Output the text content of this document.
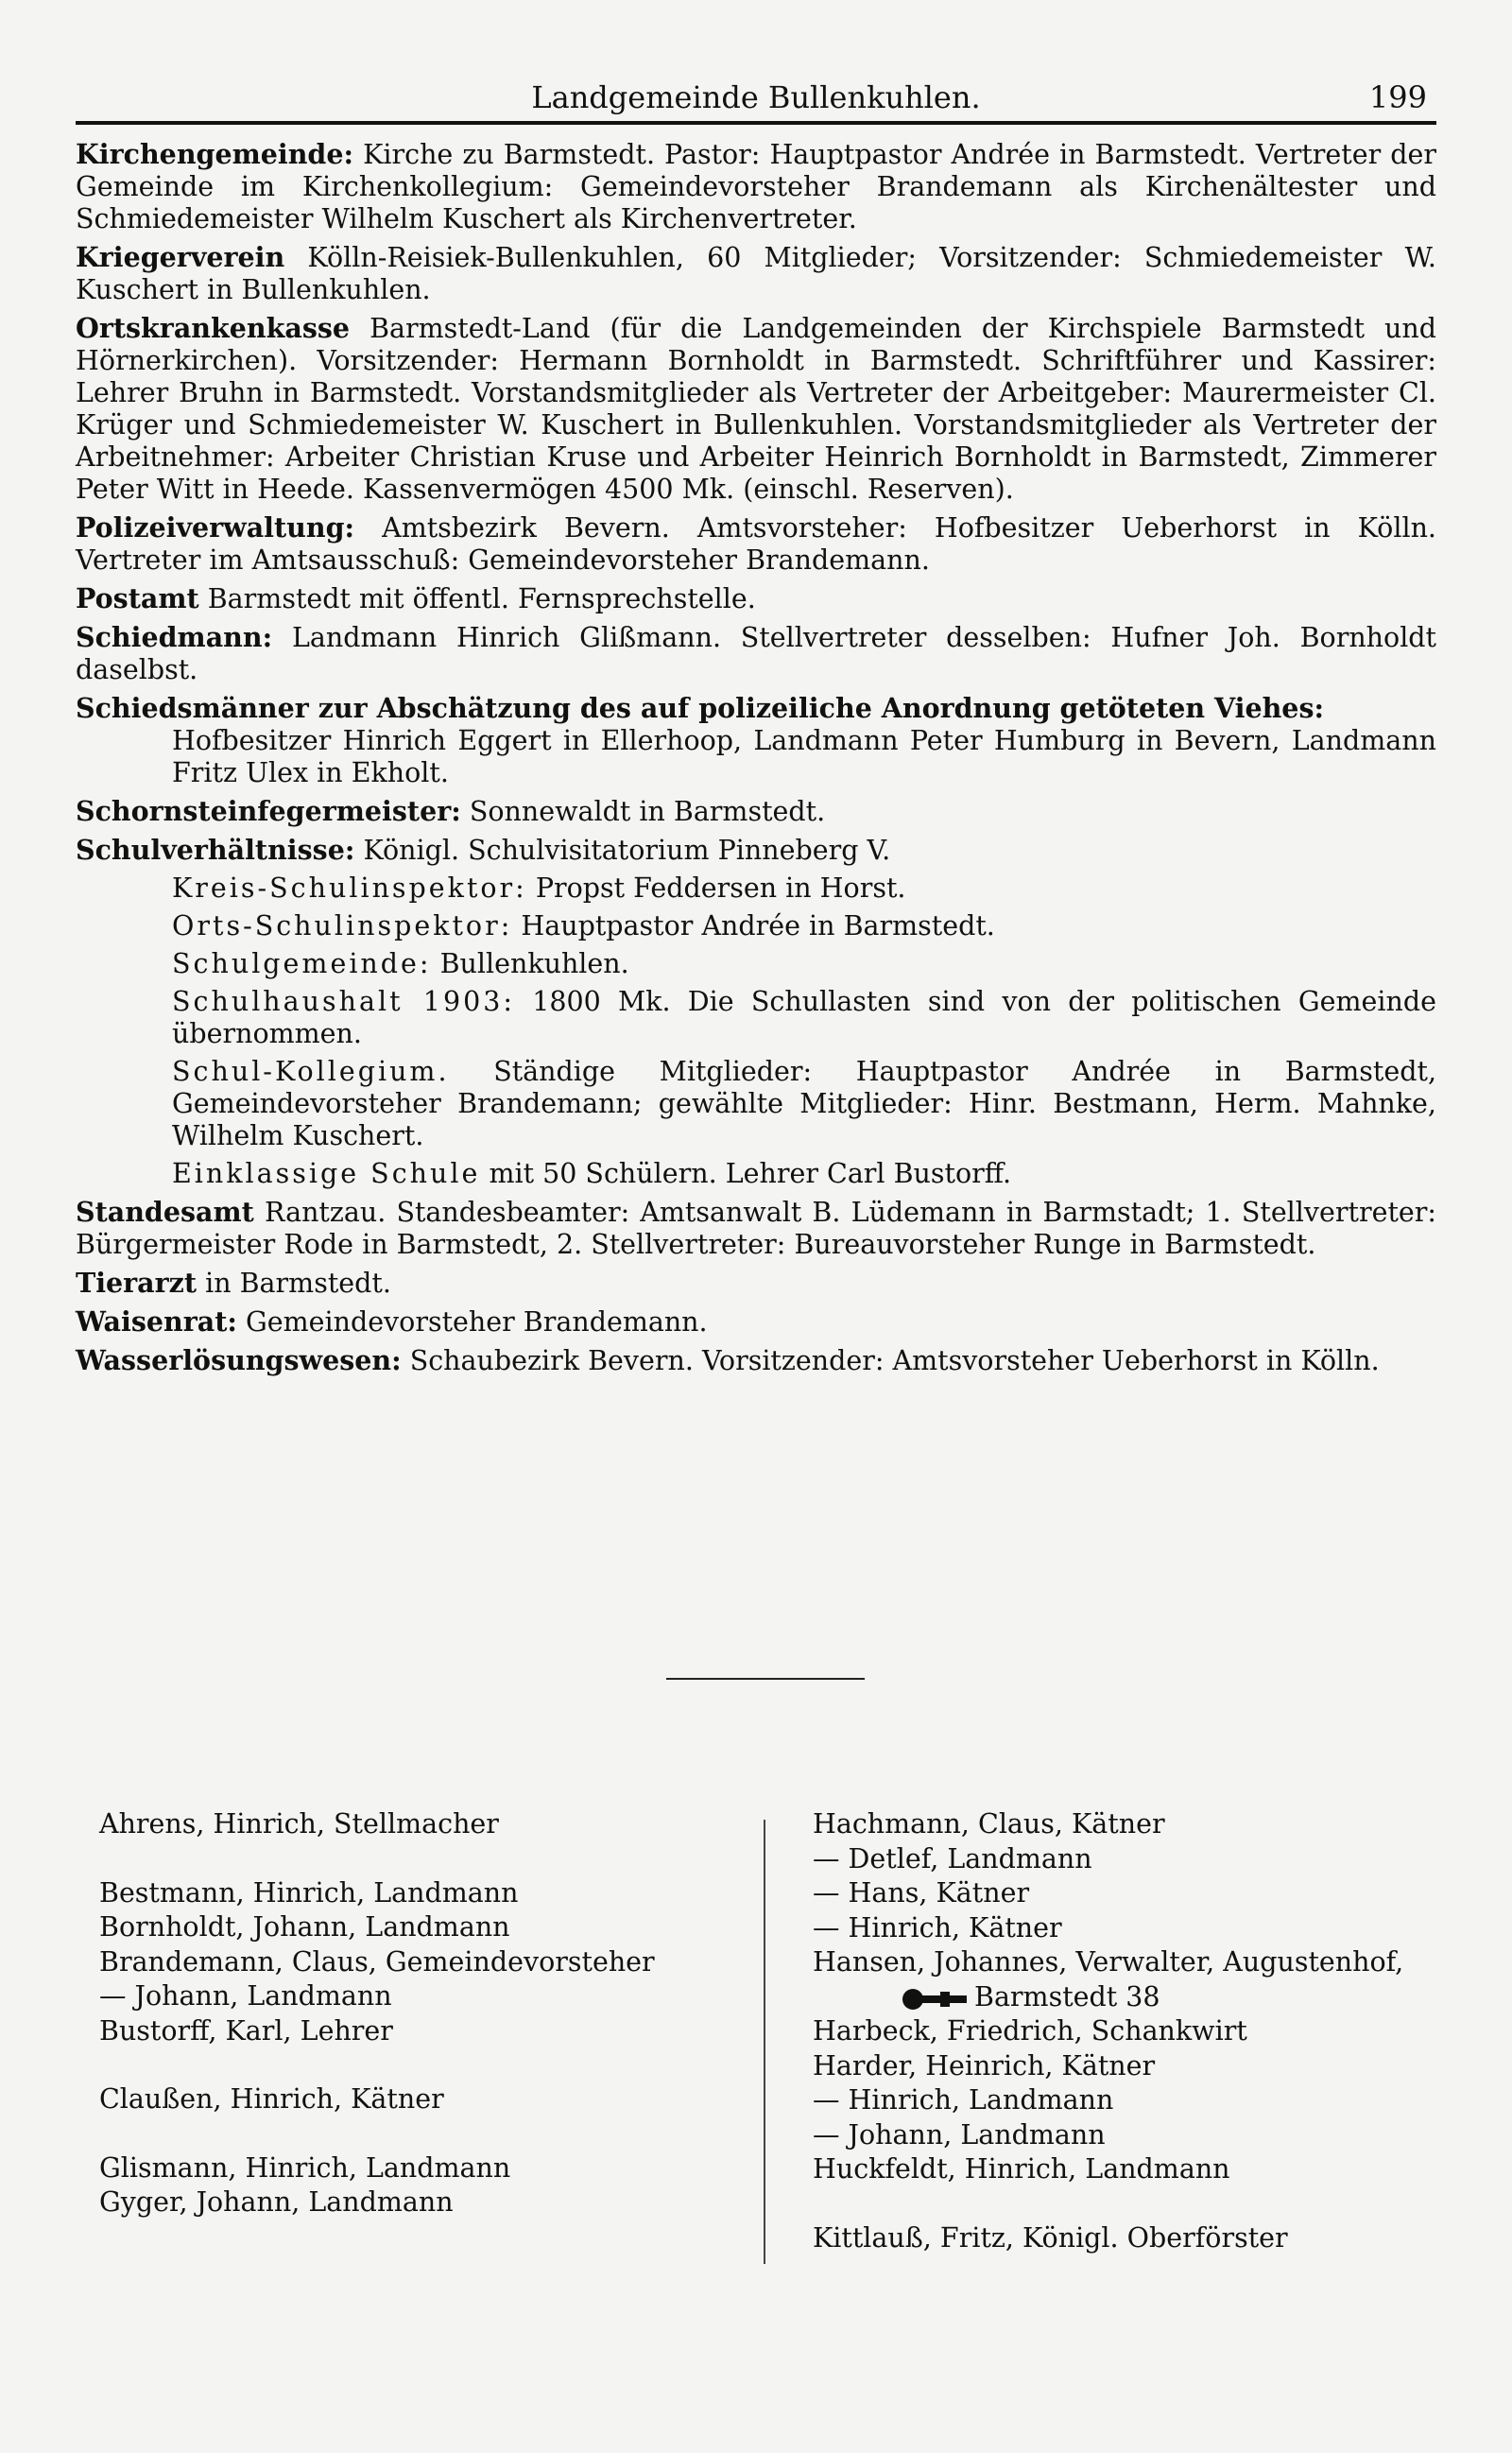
Landgemeinde Bullenkuhlen.	199

Kirchengemeinde: Kirche zu Barmstedt. Pastor: Hauptpastor Andrée in Barmstedt. Vertreter der Gemeinde im Kirchenkollegium: Gemeindevorsteher Brandemann als Kirchenältester und Schmiedemeister Wilhelm Kuschert als Kirchenvertreter.

Kriegerverein Kölln-Reisiek-Bullenkuhlen, 60 Mitglieder; Vorsitzender: Schmiedemeister W. Kuschert in Bullenkuhlen.

Ortskrankenkasse Barmstedt-Land (für die Landgemeinden der Kirchspiele Barmstedt und Hörnerkirchen). Vorsitzender: Hermann Bornholdt in Barmstedt. Schriftführer und Kassirer: Lehrer Bruhn in Barmstedt. Vorstandsmitglieder als Vertreter der Arbeitgeber: Maurermeister Cl. Krüger und Schmiedemeister W. Kuschert in Bullenkuhlen. Vorstandsmitglieder als Vertreter der Arbeitnehmer: Arbeiter Christian Kruse und Arbeiter Heinrich Bornholdt in Barmstedt, Zimmerer Peter Witt in Heede. Kassenvermögen 4500 Mk. (einschl. Reserven).

Polizeiverwaltung: Amtsbezirk Bevern. Amtsvorsteher: Hofbesitzer Ueberhorst in Kölln. Vertreter im Amtsausschuß: Gemeindevorsteher Brandemann.

Postamt Barmstedt mit öffentl. Fernsprechstelle.

Schiedmann: Landmann Hinrich Glißmann. Stellvertreter desselben: Hufner Joh. Bornholdt daselbst.

Schiedsmänner zur Abschätzung des auf polizeiliche Anordnung getöteten Viehes:

Hofbesitzer Hinrich Eggert in Ellerhoop, Landmann Peter Humburg in Bevern, Landmann Fritz Ulex in Ekholt.

Schornsteinfegermeister: Sonnewaldt in Barmstedt.

Schulverhältnisse: Königl. Schulvisitatorium Pinneberg V.

Kreis-Schulinspektor: Propst Feddersen in Horst.

Orts-Schulinspektor: Hauptpastor Andrée in Barmstedt.

Schulgemeinde: Bullenkuhlen.

Schulhaushalt 1903: 1800 Mk. Die Schullasten sind von der politischen Gemeinde übernommen.

Schul-Kollegium. Ständige Mitglieder: Hauptpastor Andrée in Barmstedt, Gemeindevorsteher Brandemann; gewählte Mitglieder: Hinr. Bestmann, Herm. Mahnke, Wilhelm Kuschert.

Einklassige Schule mit 50 Schülern. Lehrer Carl Bustorff.

Standesamt Rantzau. Standesbeamter: Amtsanwalt B. Lüdemann in Barmstadt; 1. Stellvertreter: Bürgermeister Rode in Barmstedt, 2. Stellvertreter: Bureauvorsteher Runge in Barmstedt.

Tierarzt in Barmstedt.

Waisenrat: Gemeindevorsteher Brandemann.

Wasserlösungswesen: Schaubezirk Bevern. Vorsitzender: Amtsvorsteher Ueberhorst in Kölln.

Ahrens, Hinrich, Stellmacher

Bestmann, Hinrich, Landmann

Bornholdt, Johann, Landmann

Brandemann, Claus, Gemeindevorsteher

— Johann, Landmann

Bustorff, Karl, Lehrer

Claußen, Hinrich, Kätner

Glismann, Hinrich, Landmann

Gyger, Johann, Landmann

Hachmann, Claus, Kätner

— Detlef, Landmann

— Hans, Kätner

— Hinrich, Kätner

Hansen, Johannes, Verwalter, Augustenhof,

Barmstedt 38

Harbeck, Friedrich, Schankwirt

Harder, Heinrich, Kätner

— Hinrich, Landmann

— Johann, Landmann

Huckfeldt, Hinrich, Landmann

Kittlauß, Fritz, Königl. Oberförster
